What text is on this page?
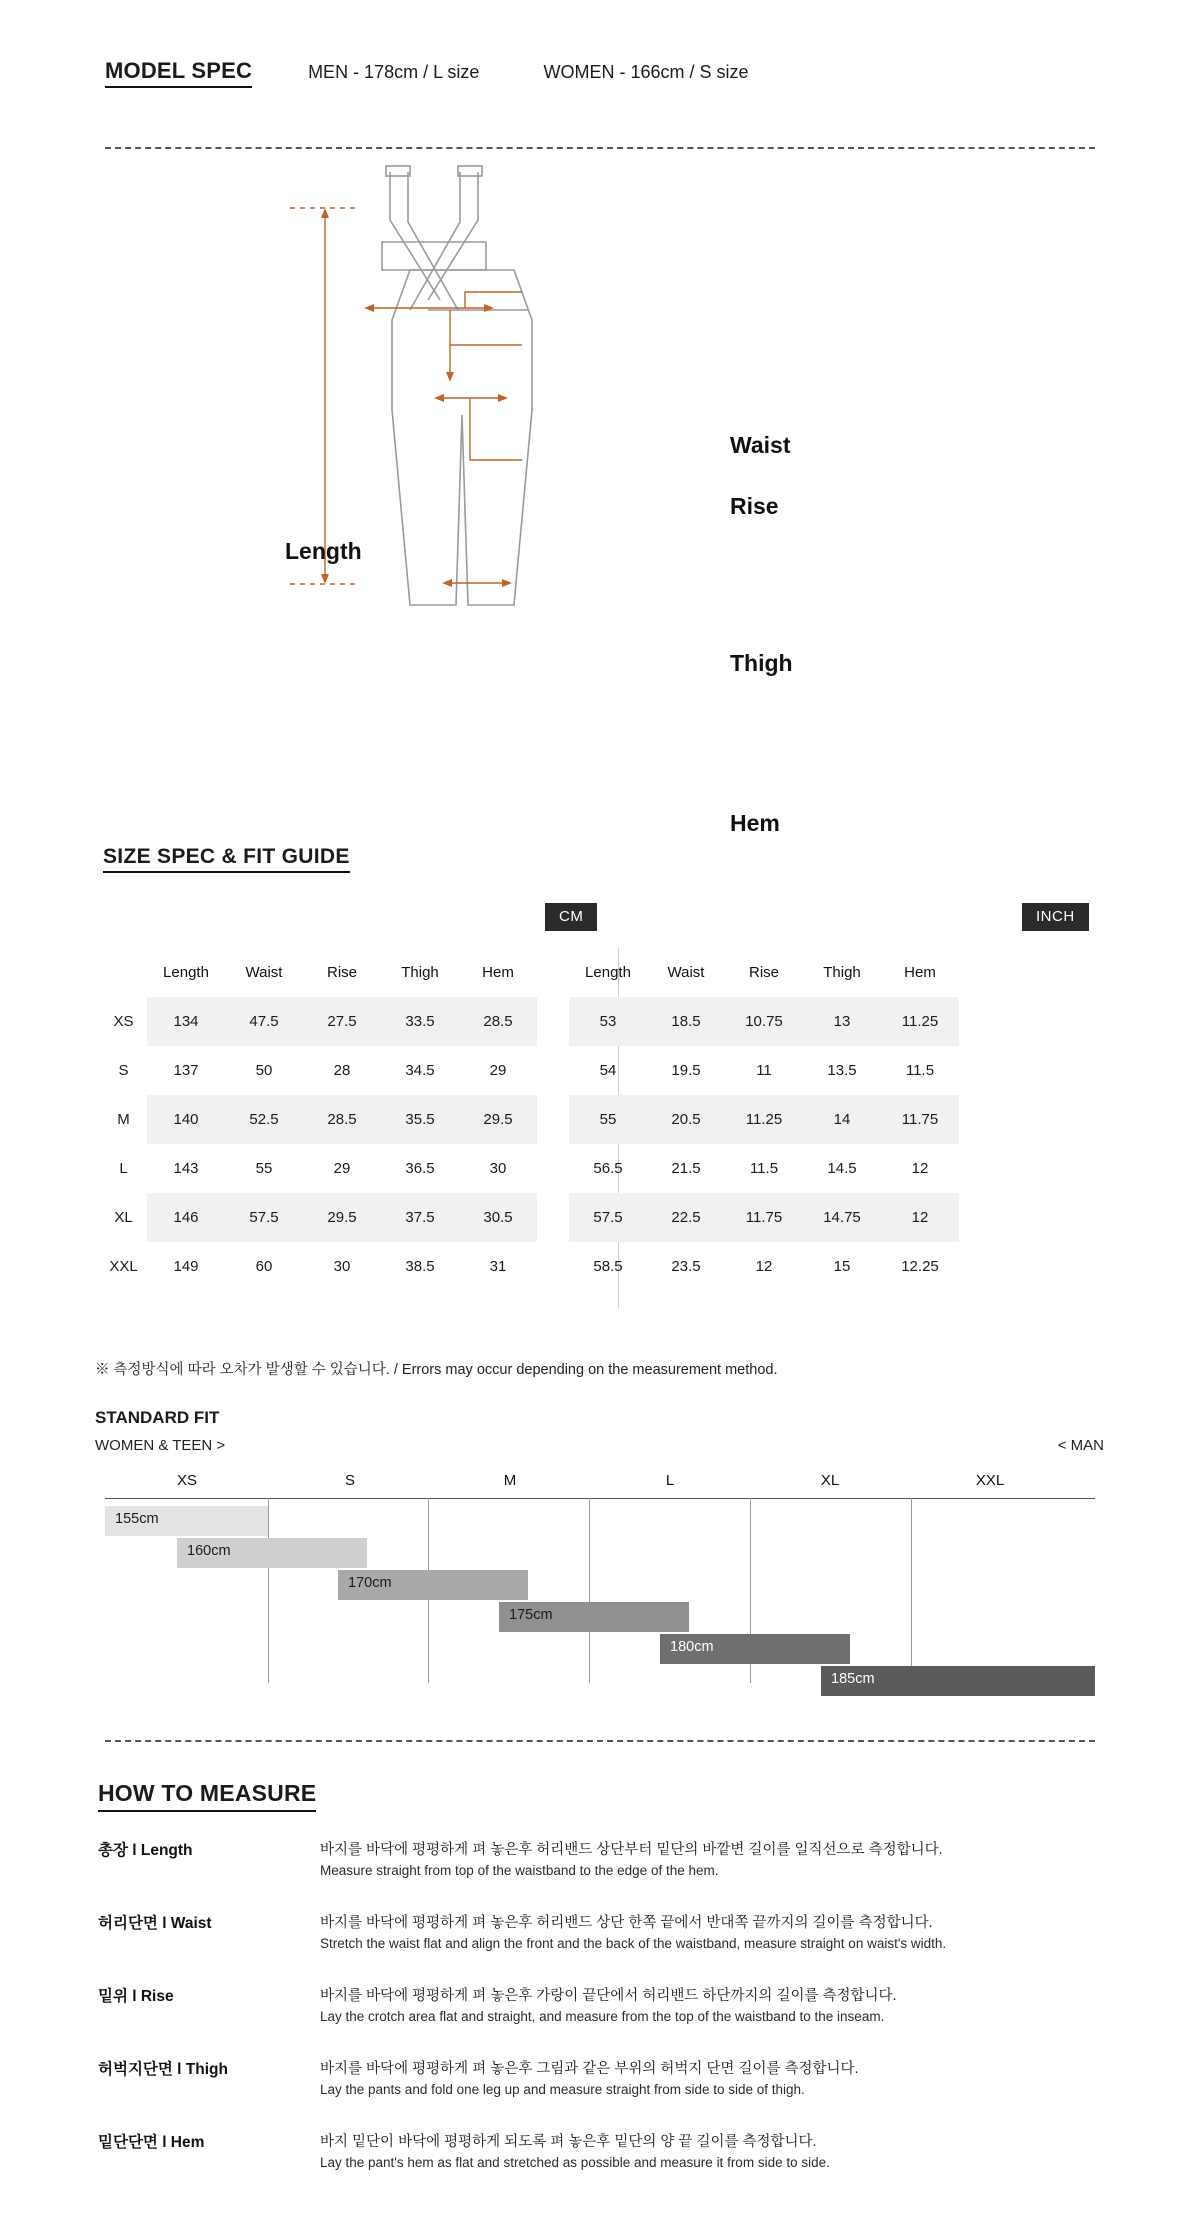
MODEL SPEC	MEN - 178cm / L size	WOMEN - 166cm / S size
Length
Waist
Rise
Thigh
Hem
SIZE SPEC & FIT GUIDE
CM	INCH
	Length	Waist	Rise	Thigh	Hem		Length	Waist	Rise	Thigh	Hem
XS	134	47.5	27.5	33.5	28.5		53	18.5	10.75	13	11.25
S	137	50	28	34.5	29		54	19.5	11	13.5	11.5
M	140	52.5	28.5	35.5	29.5		55	20.5	11.25	14	11.75
L	143	55	29	36.5	30		56.5	21.5	11.5	14.5	12
XL	146	57.5	29.5	37.5	30.5		57.5	22.5	11.75	14.75	12
XXL	149	60	30	38.5	31		58.5	23.5	12	15	12.25
※ 측정방식에 따라 오차가 발생할 수 있습니다. / Errors may occur depending on the measurement method.
STANDARD FIT
WOMEN & TEEN >	< MAN
XS	S	M	L	XL	XXL
155cm
160cm
170cm
175cm
180cm
185cm
HOW TO MEASURE
총장 l Length	바지를 바닥에 평평하게 펴 놓은후 허리밴드 상단부터 밑단의 바깥변 길이를 일직선으로 측정합니다.
Measure straight from top of the waistband to the edge of the hem.
허리단면 l Waist	바지를 바닥에 평평하게 펴 놓은후 허리밴드 상단 한쪽 끝에서 반대쪽 끝까지의 길이를 측정합니다.
Stretch the waist flat and align the front and the back of the waistband, measure straight on waist's width.
밑위 l Rise	바지를 바닥에 평평하게 펴 놓은후 가랑이 끝단에서 허리밴드 하단까지의 길이를 측정합니다.
Lay the crotch area flat and straight, and measure from the top of the waistband to the inseam.
허벅지단면 l Thigh	바지를 바닥에 평평하게 펴 놓은후 그림과 같은 부위의 허벅지 단면 길이를 측정합니다.
Lay the pants and fold one leg up and measure straight from side to side of thigh.
밑단단면 l Hem	바지 밑단이 바닥에 평평하게 되도록 펴 놓은후 밑단의 양 끝 길이를 측정합니다.
Lay the pant's hem as flat and stretched as possible and measure it from side to side.
